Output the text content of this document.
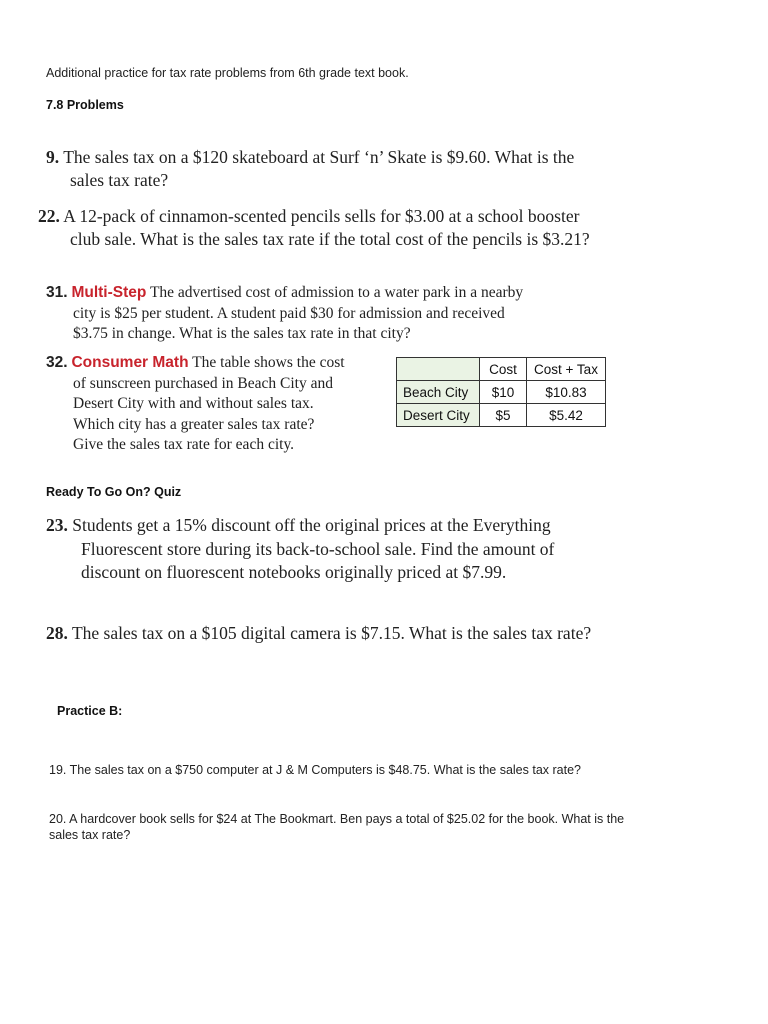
Additional practice for tax rate problems from 6th grade text book.
7.8 Problems
9. The sales tax on a $120 skateboard at Surf ‘n’ Skate is $9.60. What is the
sales tax rate?
22. A 12-pack of cinnamon-scented pencils sells for $3.00 at a school booster
club sale. What is the sales tax rate if the total cost of the pencils is $3.21?
31. Multi-Step The advertised cost of admission to a water park in a nearby
city is $25 per student. A student paid $30 for admission and received
$3.75 in change. What is the sales tax rate in that city?
32. Consumer Math The table shows the cost
of sunscreen purchased in Beach City and
Desert City with and without sales tax.
Which city has a greater sales tax rate?
Give the sales tax rate for each city.
	Cost	Cost + Tax
Beach City	$10	$10.83
Desert City	$5	$5.42
Ready To Go On? Quiz
23. Students get a 15% discount off the original prices at the Everything
Fluorescent store during its back-to-school sale. Find the amount of
discount on fluorescent notebooks originally priced at $7.99.
28. The sales tax on a $105 digital camera is $7.15. What is the sales tax rate?
Practice B:
19. The sales tax on a $750 computer at J & M Computers is $48.75. What is the sales tax rate?
20. A hardcover book sells for $24 at The Bookmart. Ben pays a total of $25.02 for the book. What is the
sales tax rate?
